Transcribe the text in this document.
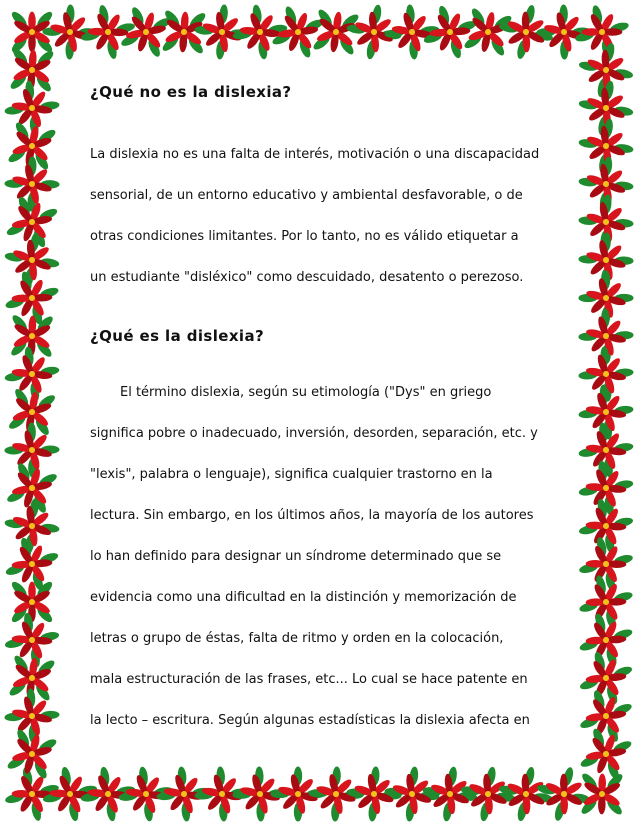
¿Qué no es la dislexia?

La dislexia no es una falta de interés, motivación o una discapacidad

sensorial, de un entorno educativo y ambiental desfavorable, o de

otras condiciones limitantes. Por lo tanto, no es válido etiquetar a

un estudiante "disléxico" como descuidado, desatento o perezoso.

¿Qué es la dislexia?

El término dislexia, según su etimología ("Dys" en griego

significa pobre o inadecuado, inversión, desorden, separación, etc. y

"lexis", palabra o lenguaje), significa cualquier trastorno en la

lectura. Sin embargo, en los últimos años, la mayoría de los autores

lo han definido para designar un síndrome determinado que se

evidencia como una dificultad en la distinción y memorización de

letras o grupo de éstas, falta de ritmo y orden en la colocación,

mala estructuración de las frases, etc... Lo cual se hace patente en

la lecto – escritura. Según algunas estadísticas la dislexia afecta en
